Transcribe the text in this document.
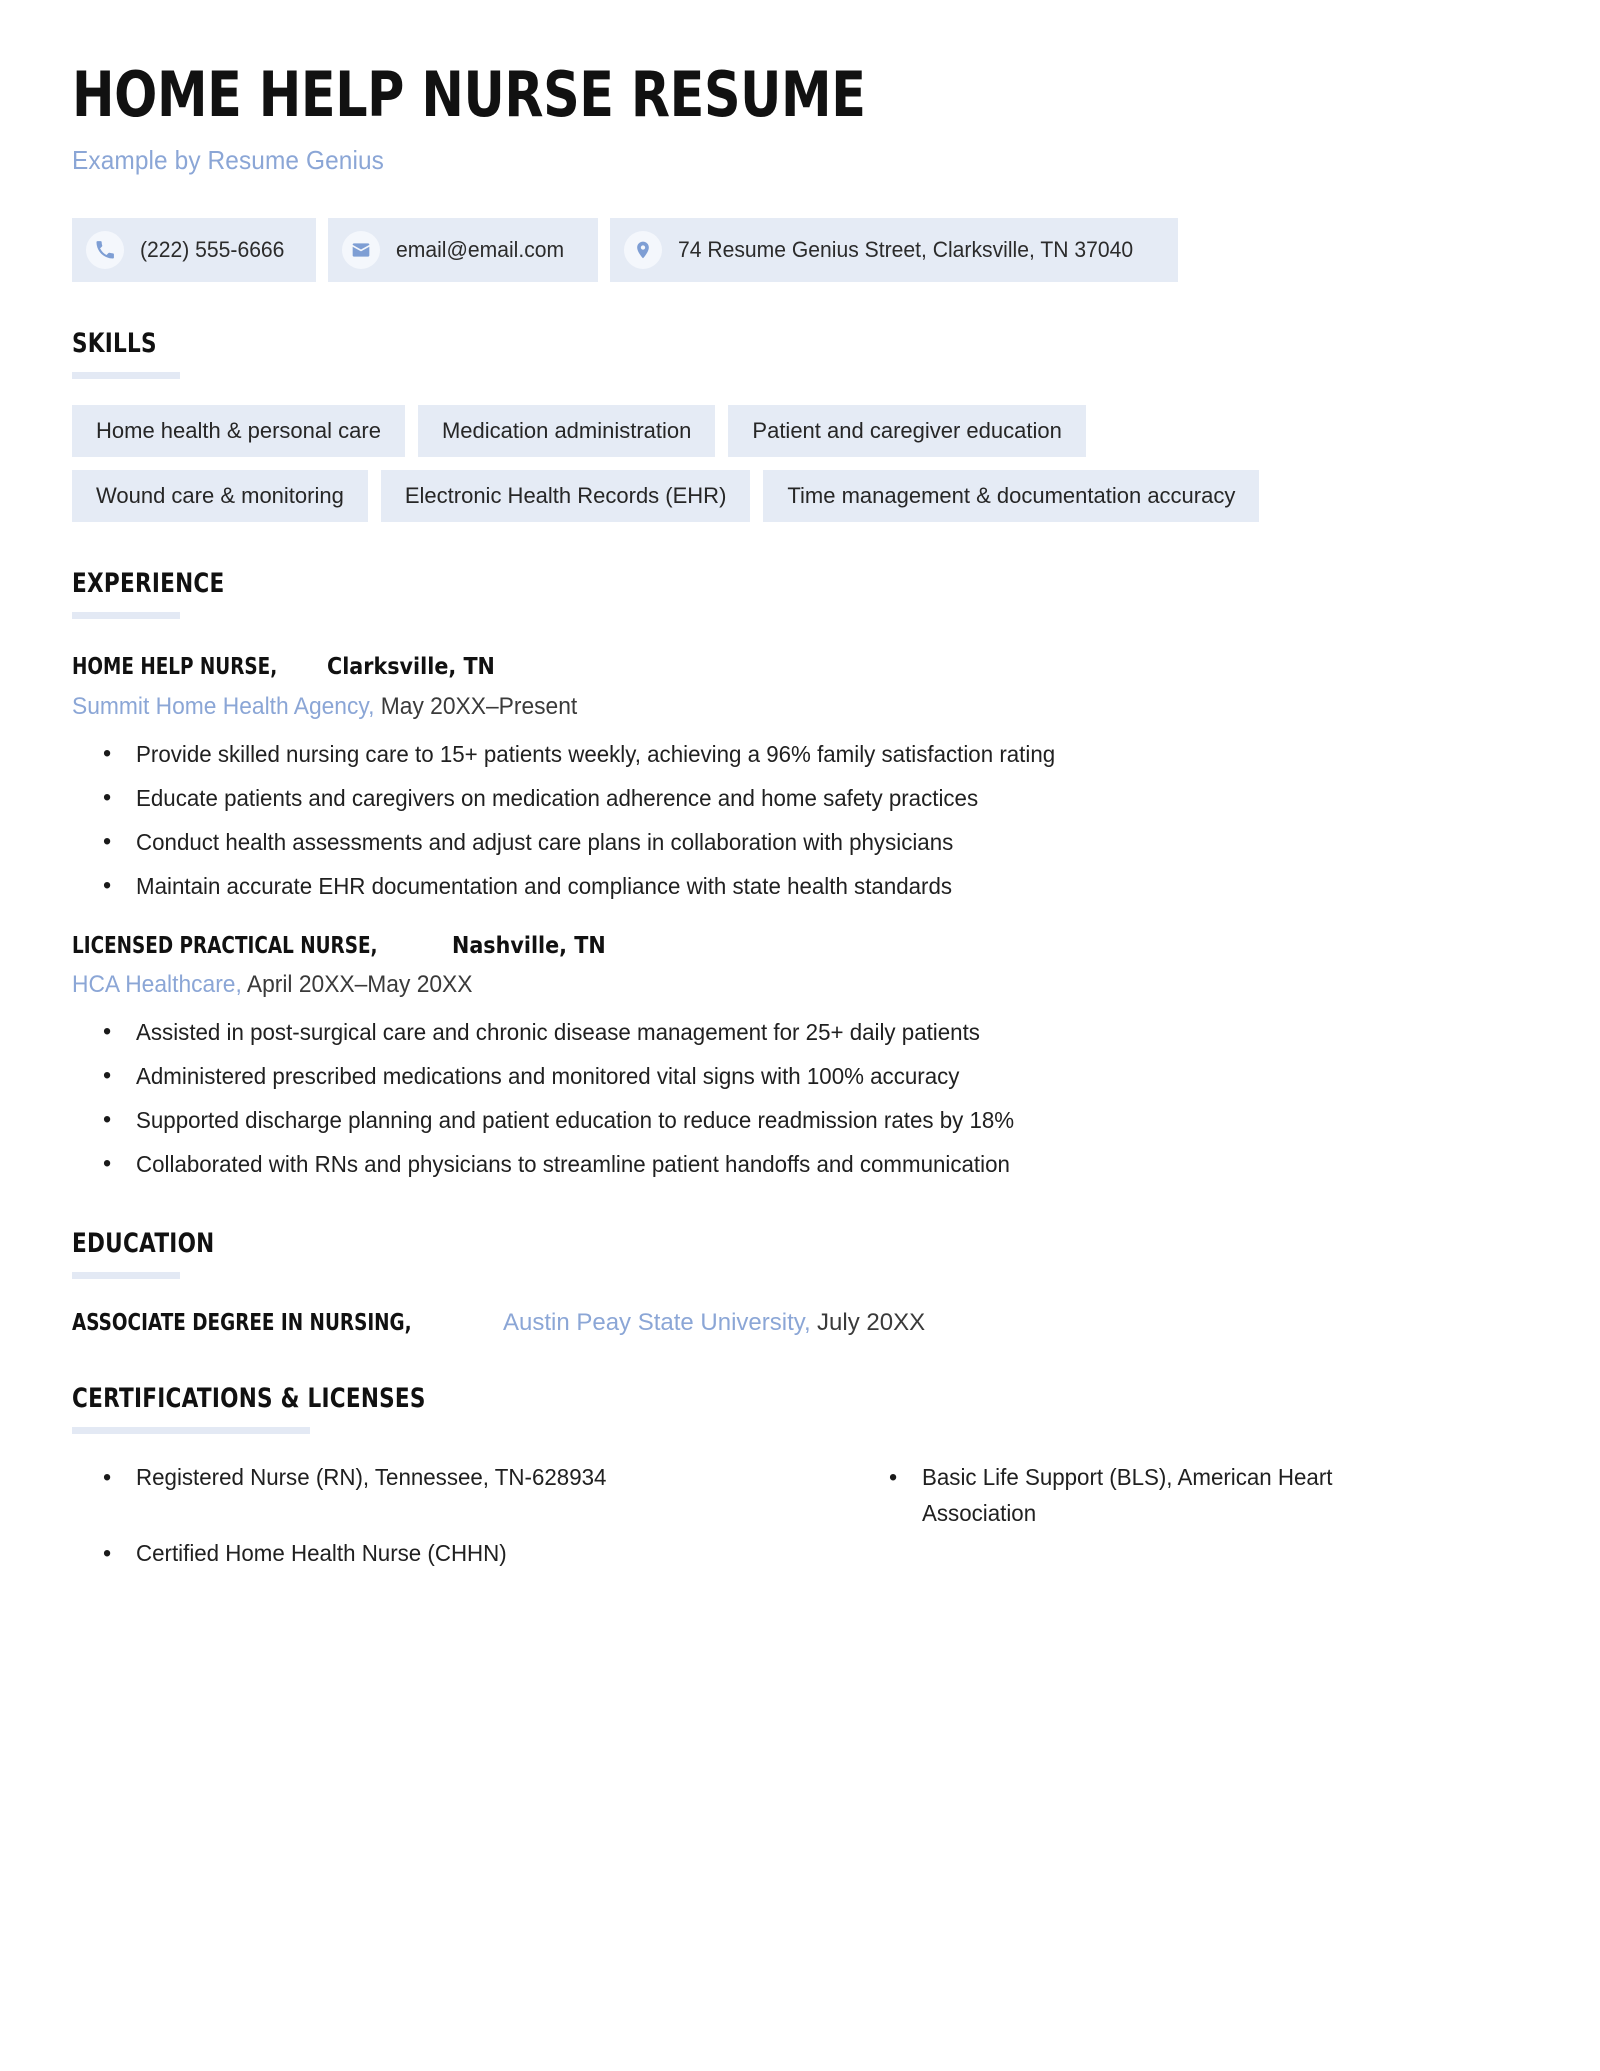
HOME HELP NURSE RESUME
Example by Resume Genius
(222) 555-6666	email@email.com	74 Resume Genius Street, Clarksville, TN 37040
SKILLS
Home health & personal care	Medication administration	Patient and caregiver education
Wound care & monitoring	Electronic Health Records (EHR)	Time management & documentation accuracy
EXPERIENCE
HOME HELP NURSE, Clarksville, TN
Summit Home Health Agency, May 20XX–Present
• Provide skilled nursing care to 15+ patients weekly, achieving a 96% family satisfaction rating
• Educate patients and caregivers on medication adherence and home safety practices
• Conduct health assessments and adjust care plans in collaboration with physicians
• Maintain accurate EHR documentation and compliance with state health standards
LICENSED PRACTICAL NURSE,	Nashville, TN
HCA Healthcare, April 20XX–May 20XX
• Assisted in post-surgical care and chronic disease management for 25+ daily patients
• Administered prescribed medications and monitored vital signs with 100% accuracy
• Supported discharge planning and patient education to reduce readmission rates by 18%
• Collaborated with RNs and physicians to streamline patient handoffs and communication
EDUCATION
ASSOCIATE DEGREE IN NURSING,	Austin Peay State University, July 20XX
CERTIFICATIONS & LICENSES
• Registered Nurse (RN), Tennessee, TN-628934
• Certified Home Health Nurse (CHHN)
• Basic Life Support (BLS), American Heart Association
